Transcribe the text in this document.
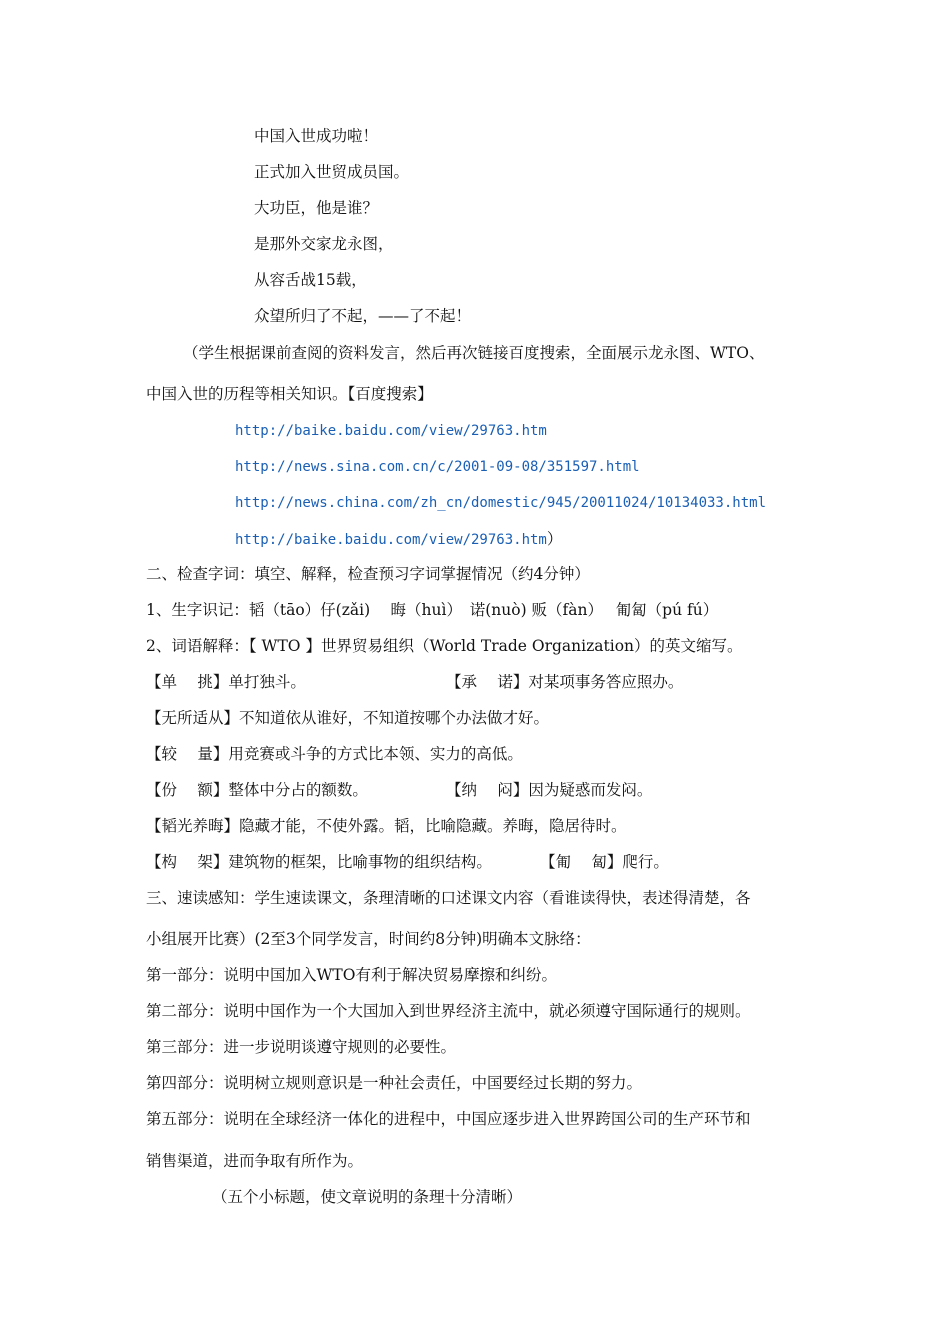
中国入世成功啦！
正式加入世贸成员国。
大功臣，他是谁？
是那外交家龙永图，
从容舌战15载，
众望所归了不起，——了不起！
（学生根据课前查阅的资料发言，然后再次链接百度搜索，全面展示龙永图、WTO、
中国入世的历程等相关知识。【百度搜索】
http://baike.baidu.com/view/29763.htm
http://news.sina.com.cn/c/2001-09-08/351597.html
http://news.china.com/zh_cn/domestic/945/20011024/10134033.html
http://baike.baidu.com/view/29763.htm）
二、检查字词：填空、解释，检查预习字词掌握情况（约4分钟）
1、生字识记：韬（tāo）仔(zǎi)　 晦（huì）　诺(nuò) 贩（fàn）　 匍匐（pú fú）
2、词语解释：【 WTO 】世界贸易组织（World Trade Organization）的英文缩写。
【单　 挑】单打独斗。	【承　 诺】对某项事务答应照办。
【无所适从】不知道依从谁好，不知道按哪个办法做才好。
【较　 量】用竞赛或斗争的方式比本领、实力的高低。
【份　 额】整体中分占的额数。	【纳　 闷】因为疑惑而发闷。
【韬光养晦】隐藏才能，不使外露。韬，比喻隐藏。养晦，隐居待时。
【构　 架】建筑物的框架，比喻事物的组织结构。	【匍　 匐】爬行。
三、速读感知：学生速读课文，条理清晰的口述课文内容（看谁读得快，表述得清楚，各
小组展开比赛）(2至3个同学发言，时间约8分钟)明确本文脉络：
第一部分：说明中国加入WTO有利于解决贸易摩擦和纠纷。
第二部分：说明中国作为一个大国加入到世界经济主流中，就必须遵守国际通行的规则。
第三部分：进一步说明谈遵守规则的必要性。
第四部分：说明树立规则意识是一种社会责任，中国要经过长期的努力。
第五部分：说明在全球经济一体化的进程中，中国应逐步进入世界跨国公司的生产环节和
销售渠道，进而争取有所作为。
（五个小标题，使文章说明的条理十分清晰）
